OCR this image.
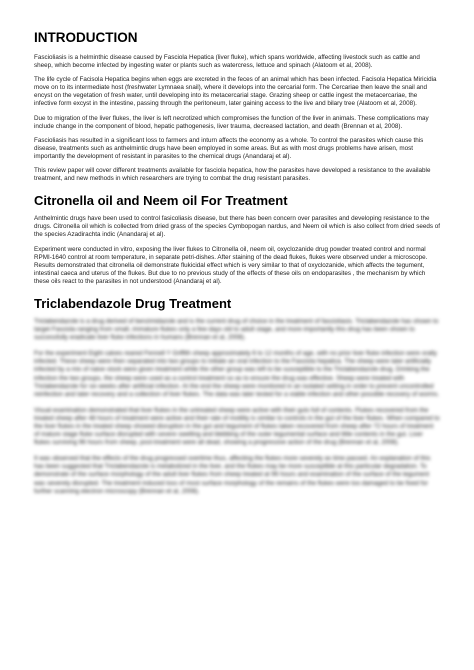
INTRODUCTION

Fascioliasis is a helminthic disease caused by Fasciola Hepatica (liver fluke), which spans worldwide, affecting livestock such as cattle and sheep, which become infected by ingesting water or plants such as watercress, lettuce and spinach (Alatoom et al, 2008).

The life cycle of Facisola Hepatica begins when eggs are excreted in the feces of an animal which has been infected. Facisola Hepatica Miricidia move on to its intermediate host (freshwater Lymnaea snail), where it develops into the cercarial form. The Cercariae then leave the snail and encyst on the vegetation of fresh water, until developing into its metacercarial stage. Grazing sheep or cattle ingest the metacercariae, the infective form excyst in the intestine, passing through the peritoneum, later gaining access to the live and bilary tree (Alatoom et al, 2008).

Due to migration of the liver flukes, the liver is left necrotized which compromises the function of the liver in animals. These complications may include change in the component of blood, hepatic pathogenesis, liver trauma, decreased lactation, and death (Brennan et al, 2008).

Fascioliasis has resulted in a significant loss to farmers and inturn affects the economy as a whole. To control the parasites which cause this disease, treatments such as anthelmintic drugs have been employed in some areas. But as with most drugs problems have arisen, most importantly the development of resistant in parasites to the chemical drugs (Anandaraj et al).

This review paper will cover different treatments available for fasciola hepatica, how the parasites have developed a resistance to the available treatment, and new methods in which researchers are trying to combat the drug resistant parasites.

Citronella oil and Neem oil For Treatment

Anthelmintic drugs have been used to control fasicoliasis disease, but there has been concern over parasites and developing resistance to the drugs. Citronella oil which is collected from dried grass of the species Cymbopogan nardus, and Neem oil which is also collect from dried seeds of the species Azadirachta indic (Anandaraj et al).

Experiment were conducted in vitro, exposing the liver flukes to Citronella oil, neem oil, oxyclozanide drug powder treated control and normal RPMI-1640 control at room temperature, in separate petri-dishes. After staining of the dead flukes, flukes were observed under a microscope. Results demonstrated that citronella oil demonstrate flukicidal effect which is very similar to that of oxyclozanide, which affects the tegument, intestinal caeca and uterus of the flukes. But due to no previous study of the effects of these oils on endoparasites , the mechanism by which these oils react to the parasites in not understood (Anandaraj et al).

Triclabendazole Drug Treatment

Triclabendazole is a drug derived of benzimidazole and is the current drug of choice in the treatment of fascioliasis. Triclabendazole has shown to target Fasciola ranging from small, immature flukes only a few days old to adult stage, and more importantly this drug has been shown to successfully eradicate liver fluke infections in humans (Brennan et al, 2008).

For the experiment Eight calves reared Fennell Y Griffith sheep approximately 6 to 12 months of age, with no prior liver fluke infection were orally infected. These sheep were then separated into two groups to initiate an oral infection to the Fasciola hepatica. The sheep were later artificially infected by a mix of naive stock were given treatment while the other group was left to be susceptible to the Triclabendazole drug. Drinking the infection the two groups, the sheep were used as a control treatment so as to ensure the drug was effective. Sheep were treated with Triclabendazole for six weeks after artificial infection. At the end the sheep were monitored in an isolated setting in order to prevent uncontrolled reinfection and later recovery and a collection of liver flukes. The data was later tested for a viable infection and other possible recovery of worms.

Visual examination demonstrated that liver flukes in the untreated sheep were active with their guts full of contents. Flukes recovered from the treated sheep after 48 hours of treatment were active and their rate of motility is similar to controls in the gut of the liver flukes. When compared to the liver flukes in the treated sheep showed disruption in the gut and tegument of flukes taken recovered from sheep after 72 hours of treatment of mature stage fluke surface disrupted with severe swelling and blebbing of the outer tegumental surface and little contents in the gut. Liver flukes surviving 96 hours from sheep, post-treatment were all dead, showing a progressive action of the drug (Brennan et al, 2008).

It was observed that the effects of the drug progressed overtime thus, affecting the flukes more severely as time passed. An explanation of this has been suggested that Triclabendazole is metabolized in the liver, and the flukes may be more susceptible at this particular degradation. To demonstrate of the surface morphology of the adult liver flukes from sheep treated at 96 hours and examination of the surface of the tegument was severely disrupted. The treatment induced loss of most surface morphology of the remains of the flukes were too damaged to be fixed for further scanning electron microscopy (Brennan et al, 2008).
